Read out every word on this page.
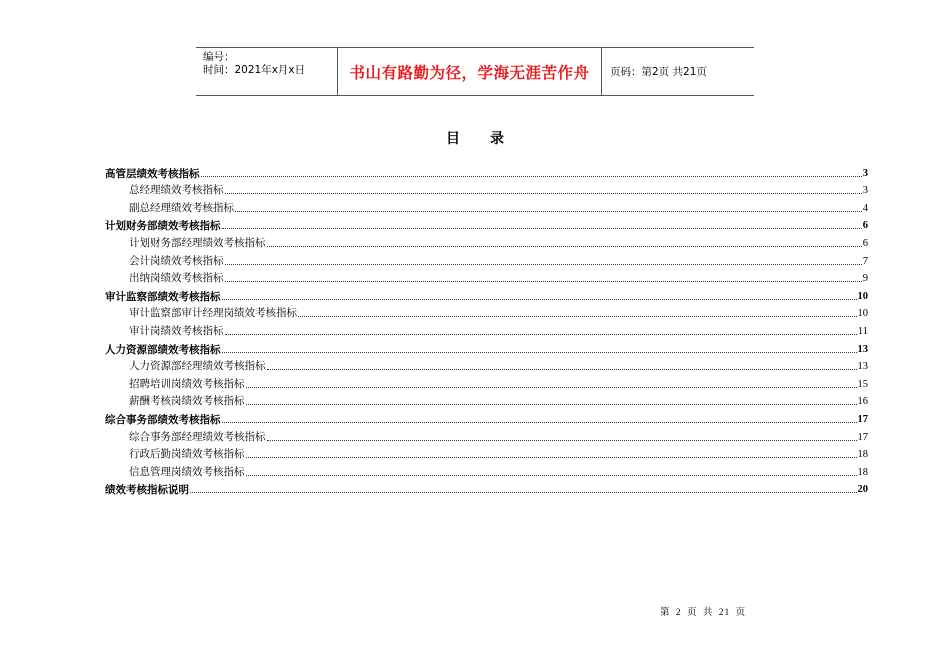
编号：
时间：2021年x月x日	书山有路勤为径，学海无涯苦作舟	页码：第2页 共21页
目录
高管层绩效考核指标	3
总经理绩效考核指标	3
副总经理绩效考核指标	4
计划财务部绩效考核指标	6
计划财务部经理绩效考核指标	6
会计岗绩效考核指标	7
出纳岗绩效考核指标	9
审计监察部绩效考核指标	10
审计监察部审计经理岗绩效考核指标	10
审计岗绩效考核指标	11
人力资源部绩效考核指标	13
人力资源部经理绩效考核指标	13
招聘培训岗绩效考核指标	15
薪酬考核岗绩效考核指标	16
综合事务部绩效考核指标	17
综合事务部经理绩效考核指标	17
行政后勤岗绩效考核指标	18
信息管理岗绩效考核指标	18
绩效考核指标说明	20
第 2 页 共 21 页
